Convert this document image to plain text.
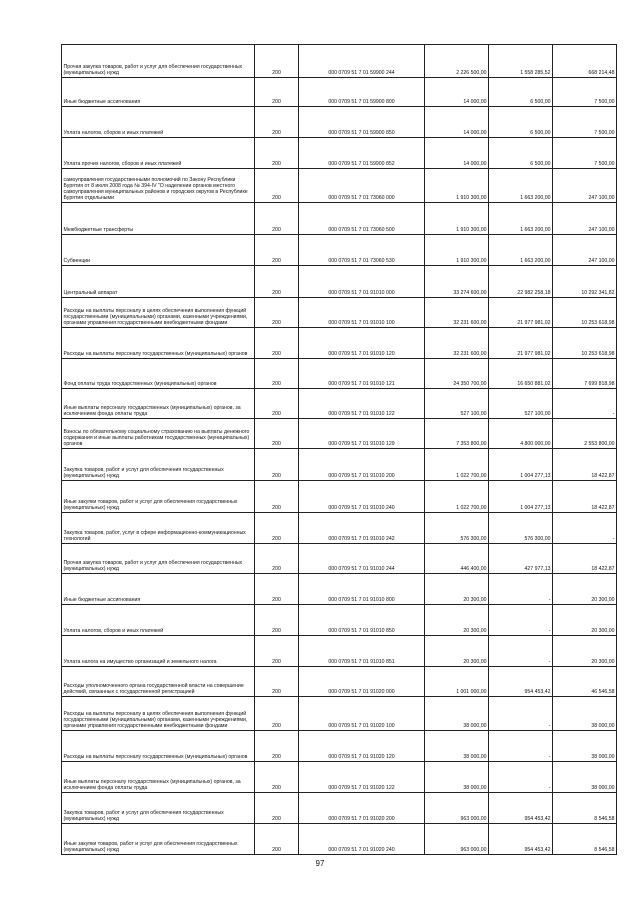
Прочая закупка товаров, работ и услуг для обеспечения государственных (муниципальных) нужд	200	000 0709 51 7 01 59900 244	2 226 500,00	1 558 285,52	668 214,48
Иные бюджетные ассигнования	200	000 0709 51 7 01 59900 800	14 000,00	6 500,00	7 500,00
Уплата налогов, сборов и иных платежей	200	000 0709 51 7 01 59900 850	14 000,00	6 500,00	7 500,00
Уплата прочих налогов, сборов и иных платежей	200	000 0709 51 7 01 59900 852	14 000,00	6 500,00	7 500,00
самоуправления государственными полномочий по Закону Республики Бурятия от 8 июля 2008 года № 394-IV "О наделении органов местного самоуправления муниципальных районов и городских округов в Республике Бурятия отдельными	200	000 0709 51 7 01 73060 000	1 910 300,00	1 663 200,00	247 100,00
Межбюджетные трансферты	200	000 0709 51 7 01 73060 500	1 910 300,00	1 663 200,00	247 100,00
Субвенции	200	000 0709 51 7 01 73060 530	1 910 300,00	1 663 200,00	247 100,00
Центральный аппарат	200	000 0709 51 7 01 91010 000	33 274 600,00	22 982 258,18	10 292 341,82
Расходы на выплаты персоналу в целях обеспечения выполнения функций государственными (муниципальными) органами, казенными учреждениями, органами управления государственными внебюджетными фондами	200	000 0709 51 7 01 91010 100	32 231 600,00	21 977 981,02	10 253 618,98
Расходы на выплаты персоналу государственных (муниципальных) органов	200	000 0709 51 7 01 91010 120	32 231 600,00	21 977 981,02	10 253 618,98
Фонд оплаты труда государственных (муниципальных) органов	200	000 0709 51 7 01 91010 121	24 350 700,00	16 650 881,02	7 699 818,98
Иные выплаты персоналу государственных (муниципальных) органов, за исключением фонда оплаты труда	200	000 0709 51 7 01 91010 122	527 100,00	527 100,00	-
Взносы по обязательному социальному страхованию на выплаты денежного содержания и иные выплаты работникам государственных (муниципальных) органов	200	000 0709 51 7 01 91010 129	7 353 800,00	4 800 000,00	2 553 800,00
Закупка товаров, работ и услуг для обеспечения государственных (муниципальных) нужд	200	000 0709 51 7 01 91010 200	1 022 700,00	1 004 277,13	18 422,87
Иные закупки товаров, работ и услуг для обеспечения государственных (муниципальных) нужд	200	000 0709 51 7 01 91010 240	1 022 700,00	1 004 277,13	18 422,87
Закупка товаров, работ, услуг в сфере информационно-коммуникационных технологий	200	000 0709 51 7 01 91010 242	576 300,00	576 300,00	-
Прочая закупка товаров, работ и услуг для обеспечения государственных (муниципальных) нужд	200	000 0709 51 7 01 91010 244	446 400,00	427 977,13	18 422,87
Иные бюджетные ассигнования	200	000 0709 51 7 01 91010 800	20 300,00	-	20 300,00
Уплата налогов, сборов и иных платежей	200	000 0709 51 7 01 91010 850	20 300,00	-	20 300,00
Уплата налога на имущество организаций и земельного налога	200	000 0709 51 7 01 91010 851	20 300,00	-	20 300,00
Расходы уполномоченного органа государственной власти на совершение действий, связанных с государственной регистрацией	200	000 0709 51 7 01 91020 000	1 001 000,00	954 453,42	46 546,58
Расходы на выплаты персоналу в целях обеспечения выполнения функций государственными (муниципальными) органами, казенными учреждениями, органами управления государственными внебюджетными фондами	200	000 0709 51 7 01 91020 100	38 000,00	-	38 000,00
Расходы на выплаты персоналу государственных (муниципальных) органов	200	000 0709 51 7 01 91020 120	38 000,00	-	38 000,00
Иные выплаты персоналу государственных (муниципальных) органов, за исключением фонда оплаты труда	200	000 0709 51 7 01 91020 122	38 000,00	-	38 000,00
Закупка товаров, работ и услуг для обеспечения государственных (муниципальных) нужд	200	000 0709 51 7 01 91020 200	963 000,00	954 453,42	8 546,58
Иные закупки товаров, работ и услуг для обеспечения государственных (муниципальных) нужд	200	000 0709 51 7 01 91020 240	963 000,00	954 453,42	8 546,58
97
